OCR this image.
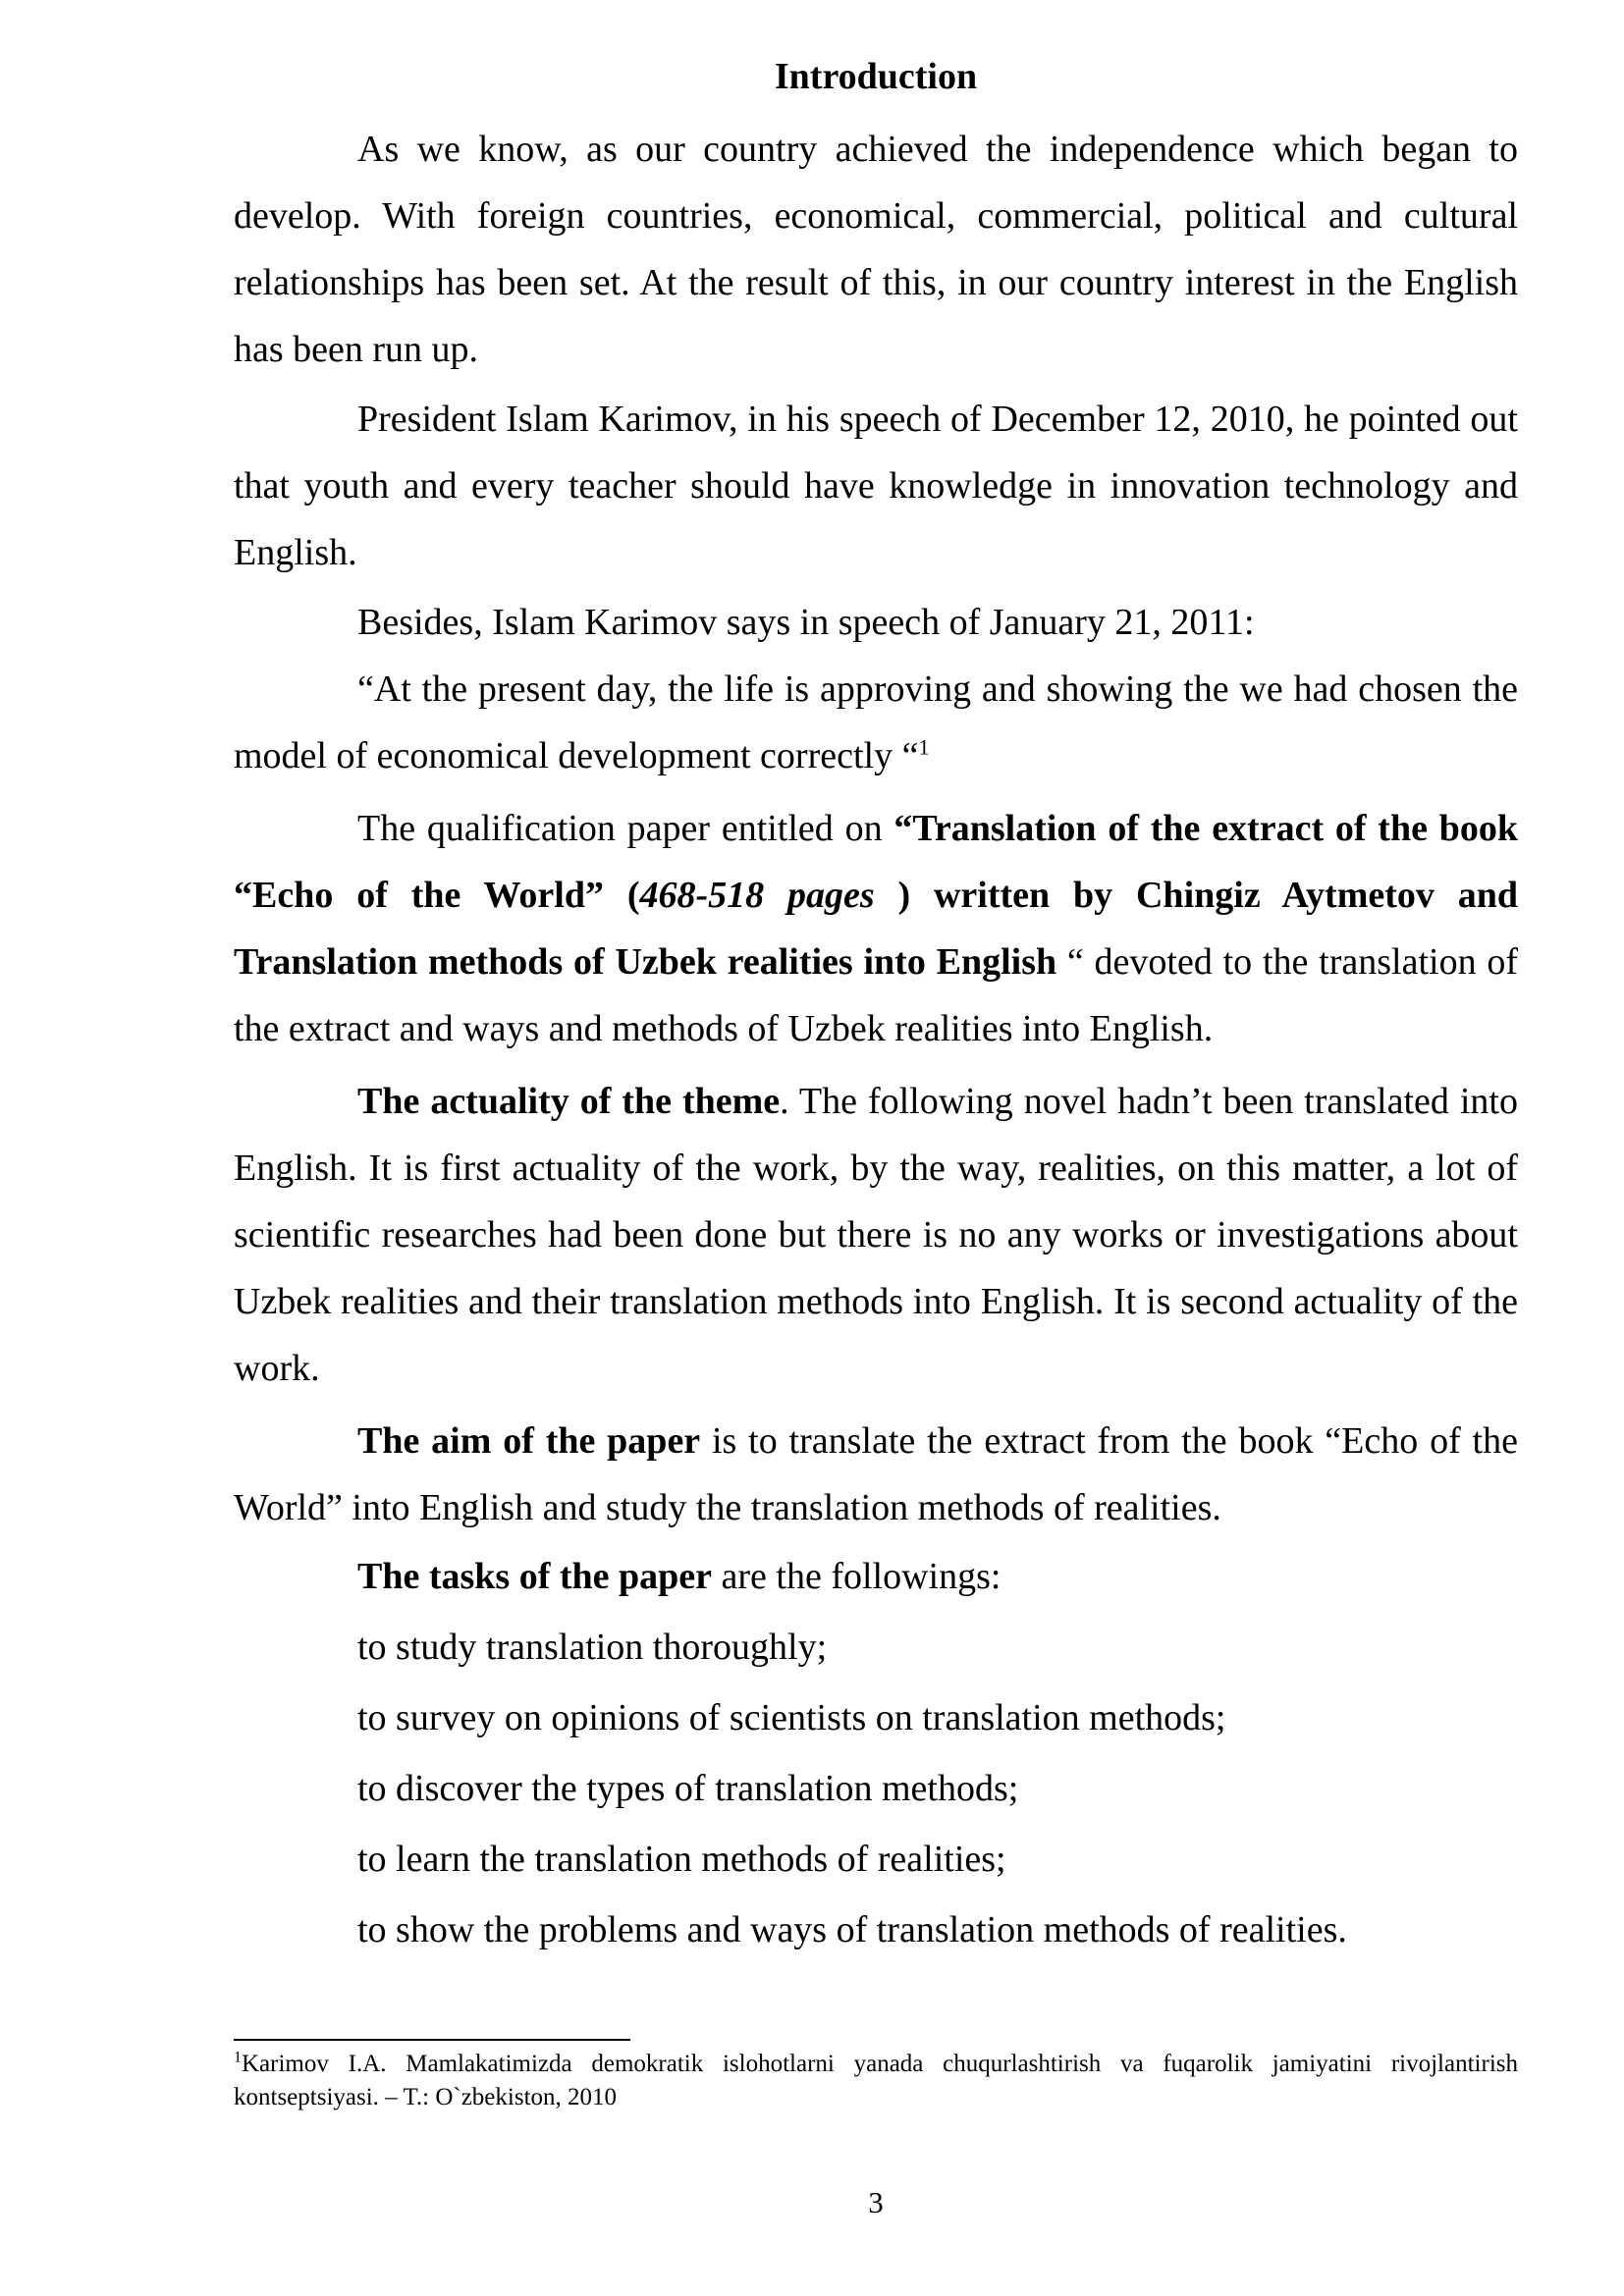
Introduction

As we know, as our country achieved the independence which began to develop. With foreign countries, economical, commercial, political and cultural relationships has been set. At the result of this, in our country interest in the English has been run up.

President Islam Karimov, in his speech of December 12, 2010, he pointed out that youth and every teacher should have knowledge in innovation technology and English.

Besides, Islam Karimov says in speech of January 21, 2011:

“At the present day, the life is approving and showing the we had chosen the model of economical development correctly “$^1$

The qualification paper entitled on “Translation of the extract of the book “Echo of the World” (468-518 pages ) written by Chingiz Aytmetov and Translation methods of Uzbek realities into English “ devoted to the translation of the extract and ways and methods of Uzbek realities into English.

The actuality of the theme. The following novel hadn’t been translated into English. It is first actuality of the work, by the way, realities, on this matter, a lot of scientific researches had been done but there is no any works or investigations about Uzbek realities and their translation methods into English. It is second actuality of the work.

The aim of the paper is to translate the extract from the book “Echo of the World” into English and study the translation methods of realities.

The tasks of the paper are the followings:
to study translation thoroughly;
to survey on opinions of scientists on translation methods;
to discover the types of translation methods;
to learn the translation methods of realities;
to show the problems and ways of translation methods of realities.
$^1$Karimov I.A. Mamlakatimizda demokratik islohotlarni yanada chuqurlashtirish va fuqarolik jamiyatini rivojlantirish kontseptsiyasi. – T.: O`zbekiston, 2010
3
